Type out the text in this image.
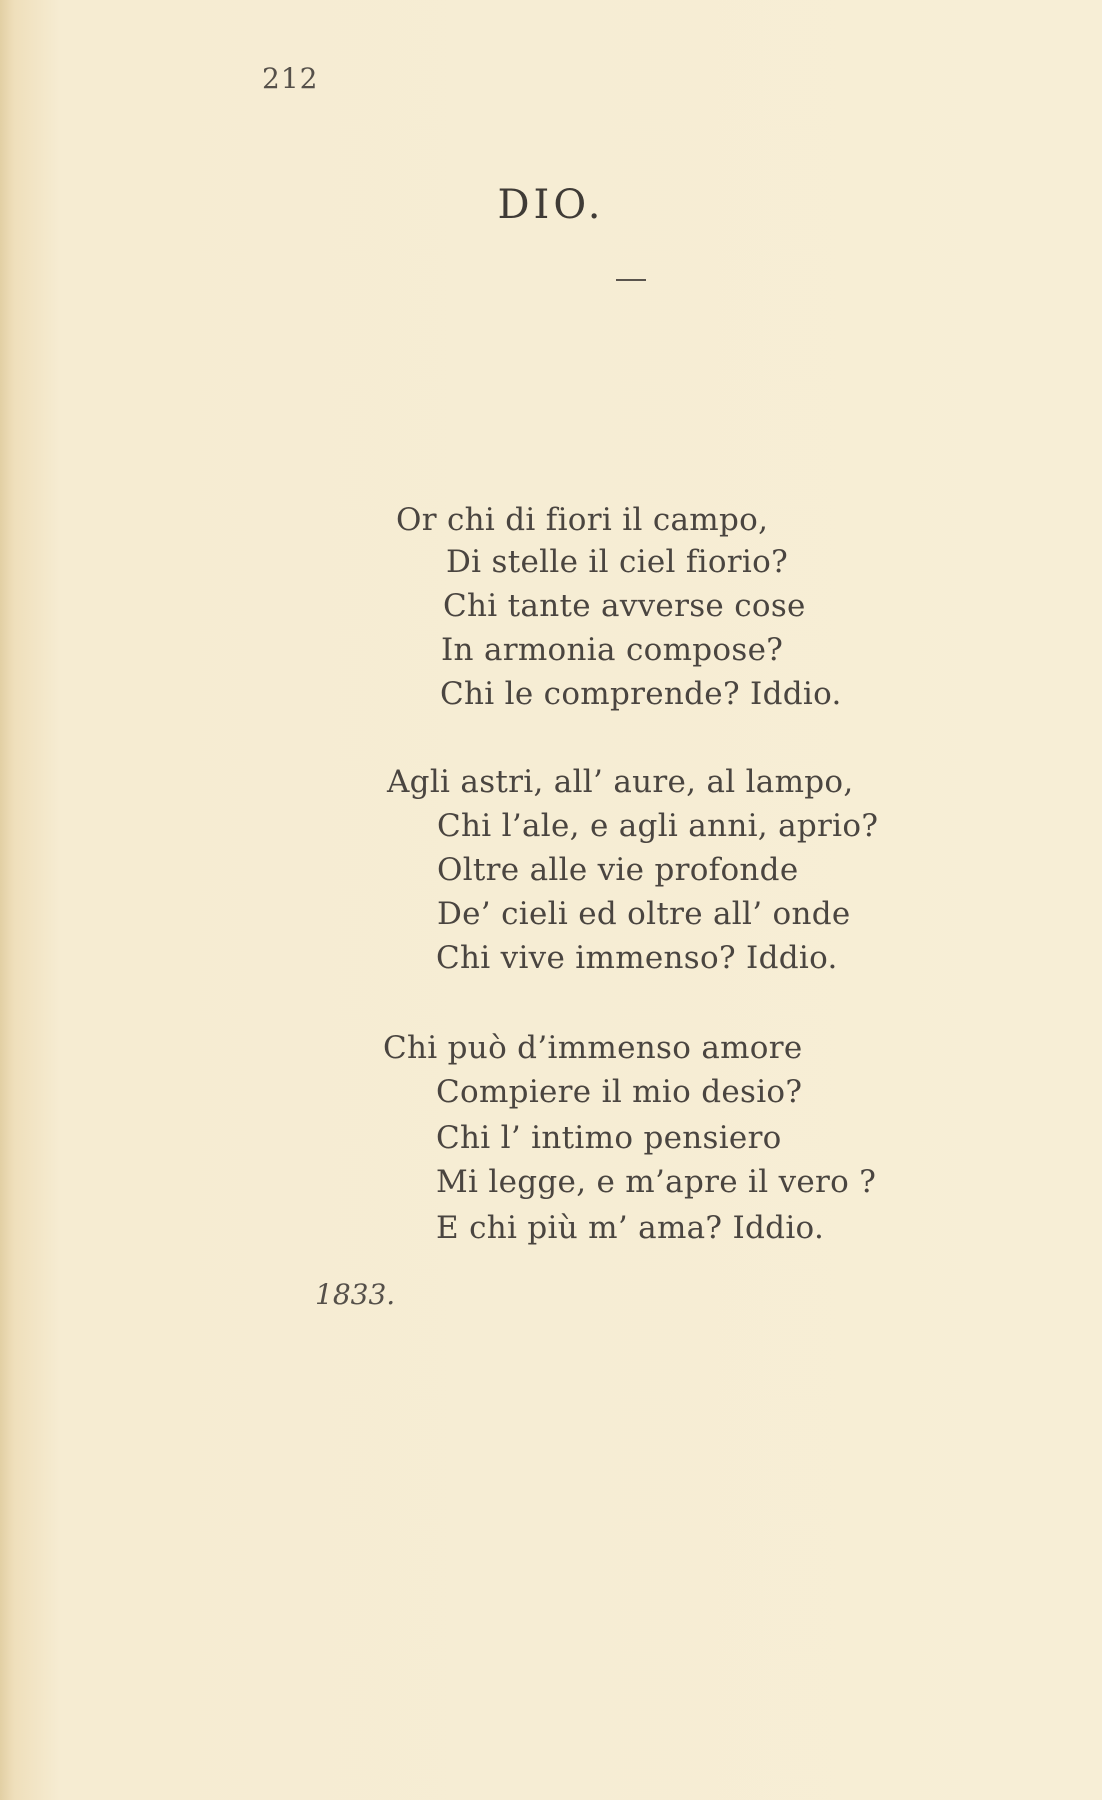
212
DIO.
Or chi di fiori il campo,
Di stelle il ciel fiorio?
Chi tante avverse cose
In armonia compose?
Chi le comprende? Iddio.
Agli astri, all’ aure, al lampo,
Chi l’ale, e agli anni, aprio?
Oltre alle vie profonde
De’ cieli ed oltre all’ onde
Chi vive immenso? Iddio.
Chi può d’immenso amore
Compiere il mio desio?
Chi l’ intimo pensiero
Mi legge, e m’apre il vero ?
E chi più m’ ama? Iddio.
1833.
